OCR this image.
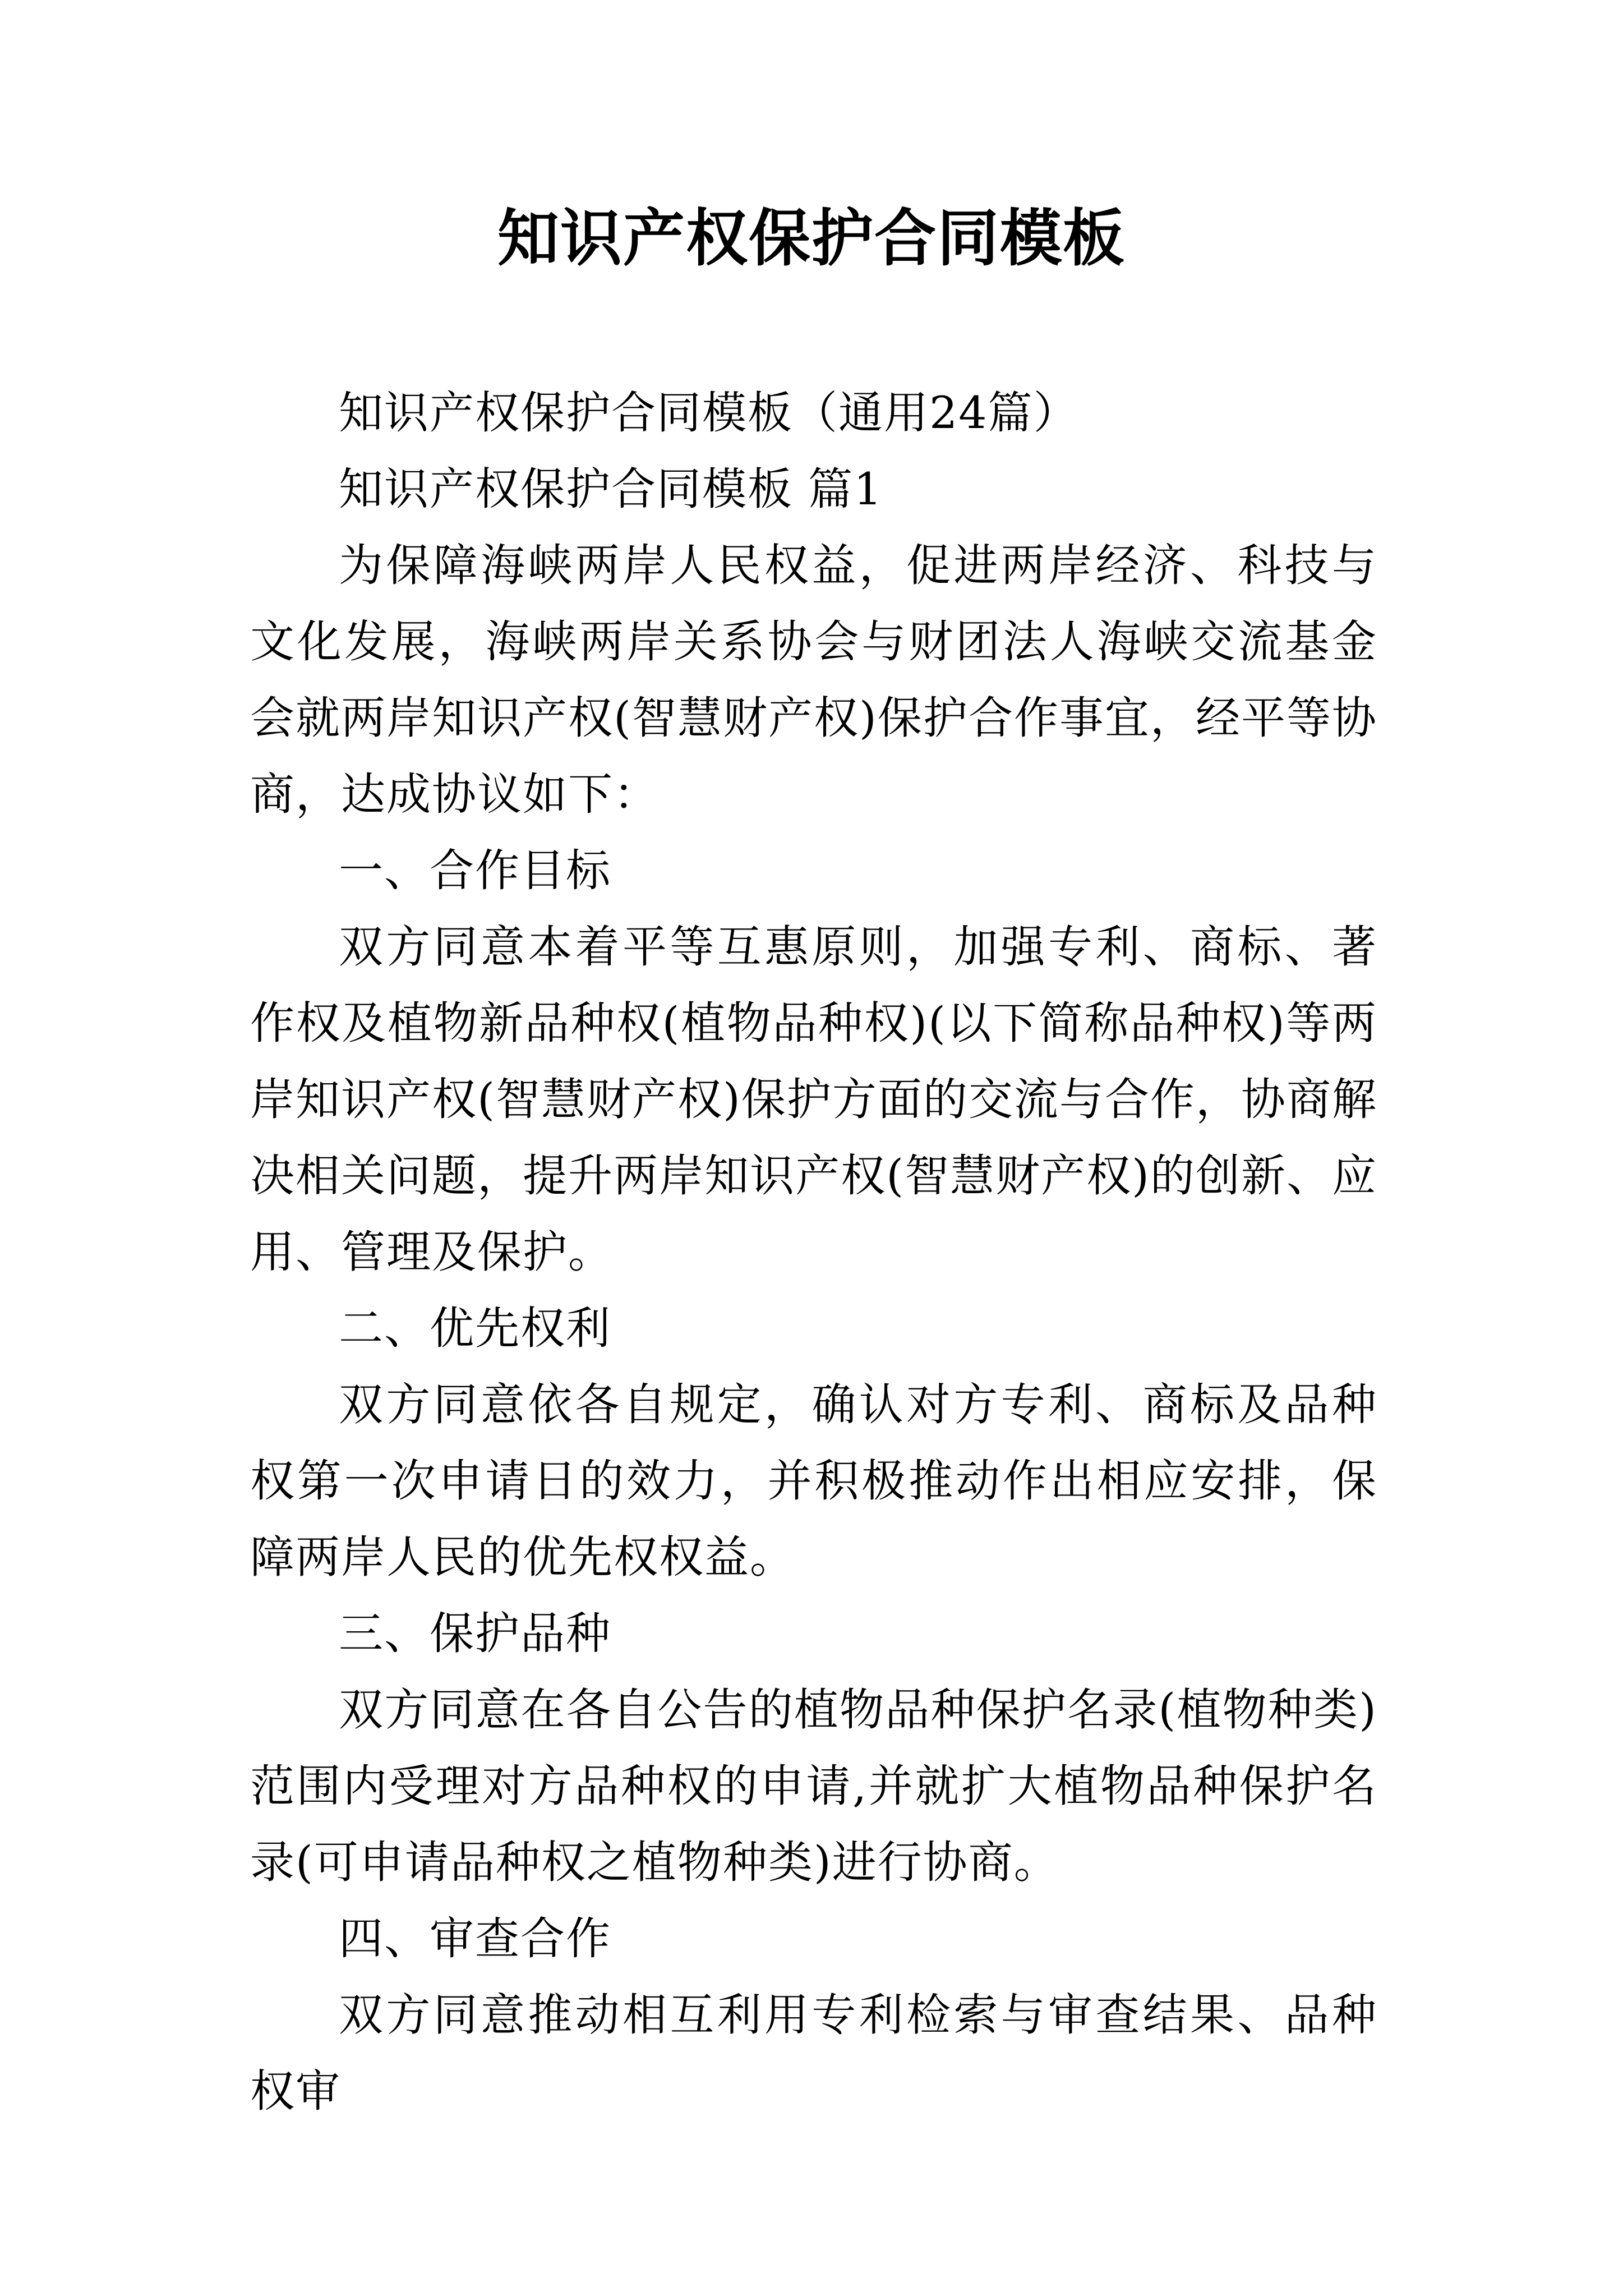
知识产权保护合同模板

知识产权保护合同模板（通用24篇）

知识产权保护合同模板 篇1

为保障海峡两岸人民权益，促进两岸经济、科技与文化发展，海峡两岸关系协会与财团法人海峡交流基金会就两岸知识产权(智慧财产权)保护合作事宜，经平等协商，达成协议如下：

一、合作目标

双方同意本着平等互惠原则，加强专利、商标、著作权及植物新品种权(植物品种权)(以下简称品种权)等两岸知识产权(智慧财产权)保护方面的交流与合作，协商解决相关问题，提升两岸知识产权(智慧财产权)的创新、应用、管理及保护。

二、优先权利

双方同意依各自规定，确认对方专利、商标及品种权第一次申请日的效力，并积极推动作出相应安排，保障两岸人民的优先权权益。

三、保护品种

双方同意在各自公告的植物品种保护名录(植物种类)范围内受理对方品种权的申请,并就扩大植物品种保护名录(可申请品种权之植物种类)进行协商。

四、审查合作

双方同意推动相互利用专利检索与审查结果、品种权审
